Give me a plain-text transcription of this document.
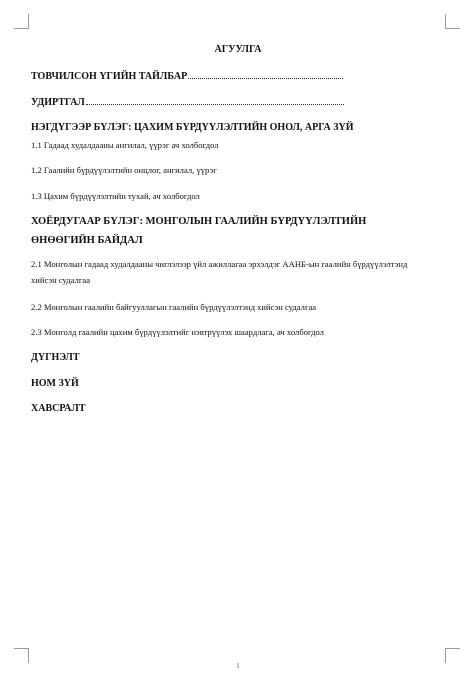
АГУУЛГА
ТОВЧИЛСОН ҮГИЙН ТАЙЛБАР
УДИРТГАЛ
НЭГДҮГЭЭР БҮЛЭГ: ЦАХИМ БҮРДҮҮЛЭЛТИЙН ОНОЛ, АРГА ЗҮЙ
1.1 Гадаад худалдааны ангилал, үүрэг ач холбогдол
1.2 Гаалийн бүрдүүлэлтийн онцлог, ангилал, үүрэг
1.3 Цахим бүрдүүлэлтийн тухай, ач холбогдол
ХОЁРДУГААР БҮЛЭГ: МОНГОЛЫН ГААЛИЙН БҮРДҮҮЛЭЛТИЙН ӨНӨӨГИЙН БАЙДАЛ
2.1 Монголын гадаад худалдааны чиглэлээр үйл ажиллагаа эрхэлдэг ААНБ-ын гаалийн бүрдүүлэлтэнд хийсэн судалгаа
2.2 Монголын гаалийн байгууллагын гаалийн бүрдүүлэлтэнд хийсэн судалгаа
2.3 Монголд гаалийн цахим бүрдүүлэлтийг нэвтрүүлэх шаардлага, ач холбогдол
ДҮГНЭЛТ
НОМ ЗҮЙ
ХАВСРАЛТ
1
